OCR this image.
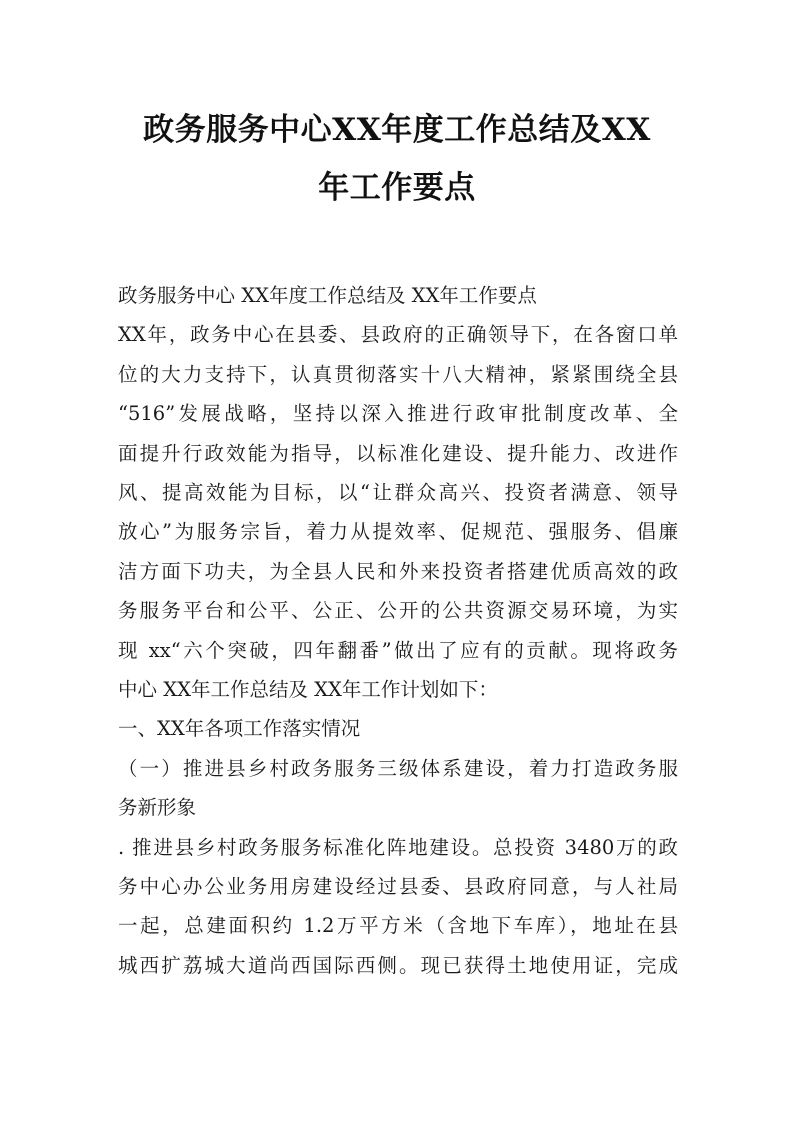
政务服务中心XX年度工作总结及XX
年工作要点
政务服务中心 XX年度工作总结及 XX年工作要点
XX年，政务中心在县委、县政府的正确领导下，在各窗口单
位的大力支持下，认真贯彻落实十八大精神，紧紧围绕全县
“516”发展战略，坚持以深入推进行政审批制度改革、全
面提升行政效能为指导，以标准化建设、提升能力、改进作
风、提高效能为目标，以“让群众高兴、投资者满意、领导
放心”为服务宗旨，着力从提效率、促规范、强服务、倡廉
洁方面下功夫，为全县人民和外来投资者搭建优质高效的政
务服务平台和公平、公正、公开的公共资源交易环境，为实
现 xx“六个突破，四年翻番”做出了应有的贡献。现将政务
中心 XX年工作总结及 XX年工作计划如下：
一、XX年各项工作落实情况
（一）推进县乡村政务服务三级体系建设，着力打造政务服
务新形象
. 推进县乡村政务服务标准化阵地建设。总投资 3480万的政
务中心办公业务用房建设经过县委、县政府同意，与人社局
一起，总建面积约 1.2万平方米（含地下车库），地址在县
城西扩荔城大道尚西国际西侧。现已获得土地使用证，完成
